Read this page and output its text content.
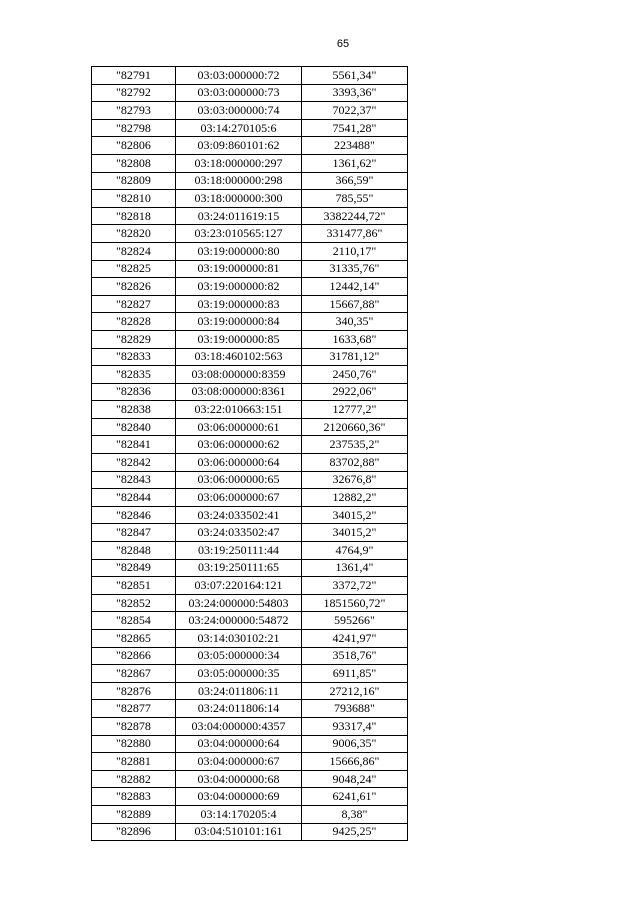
65
"82791	03:03:000000:72	5561,34"
"82792	03:03:000000:73	3393,36"
"82793	03:03:000000:74	7022,37"
"82798	03:14:270105:6	7541,28"
"82806	03:09:860101:62	223488"
"82808	03:18:000000:297	1361,62"
"82809	03:18:000000:298	366,59"
"82810	03:18:000000:300	785,55"
"82818	03:24:011619:15	3382244,72"
"82820	03:23:010565:127	331477,86"
"82824	03:19:000000:80	2110,17"
"82825	03:19:000000:81	31335,76"
"82826	03:19:000000:82	12442,14"
"82827	03:19:000000:83	15667,88"
"82828	03:19:000000:84	340,35"
"82829	03:19:000000:85	1633,68"
"82833	03:18:460102:563	31781,12"
"82835	03:08:000000:8359	2450,76"
"82836	03:08:000000:8361	2922,06"
"82838	03:22:010663:151	12777,2"
"82840	03:06:000000:61	2120660,36"
"82841	03:06:000000:62	237535,2"
"82842	03:06:000000:64	83702,88"
"82843	03:06:000000:65	32676,8"
"82844	03:06:000000:67	12882,2"
"82846	03:24:033502:41	34015,2"
"82847	03:24:033502:47	34015,2"
"82848	03:19:250111:44	4764,9"
"82849	03:19:250111:65	1361,4"
"82851	03:07:220164:121	3372,72"
"82852	03:24:000000:54803	1851560,72"
"82854	03:24:000000:54872	595266"
"82865	03:14:030102:21	4241,97"
"82866	03:05:000000:34	3518,76"
"82867	03:05:000000:35	6911,85"
"82876	03:24:011806:11	27212,16"
"82877	03:24:011806:14	793688"
"82878	03:04:000000:4357	93317,4"
"82880	03:04:000000:64	9006,35"
"82881	03:04:000000:67	15666,86"
"82882	03:04:000000:68	9048,24"
"82883	03:04:000000:69	6241,61"
"82889	03:14:170205:4	8,38"
"82896	03:04:510101:161	9425,25"
